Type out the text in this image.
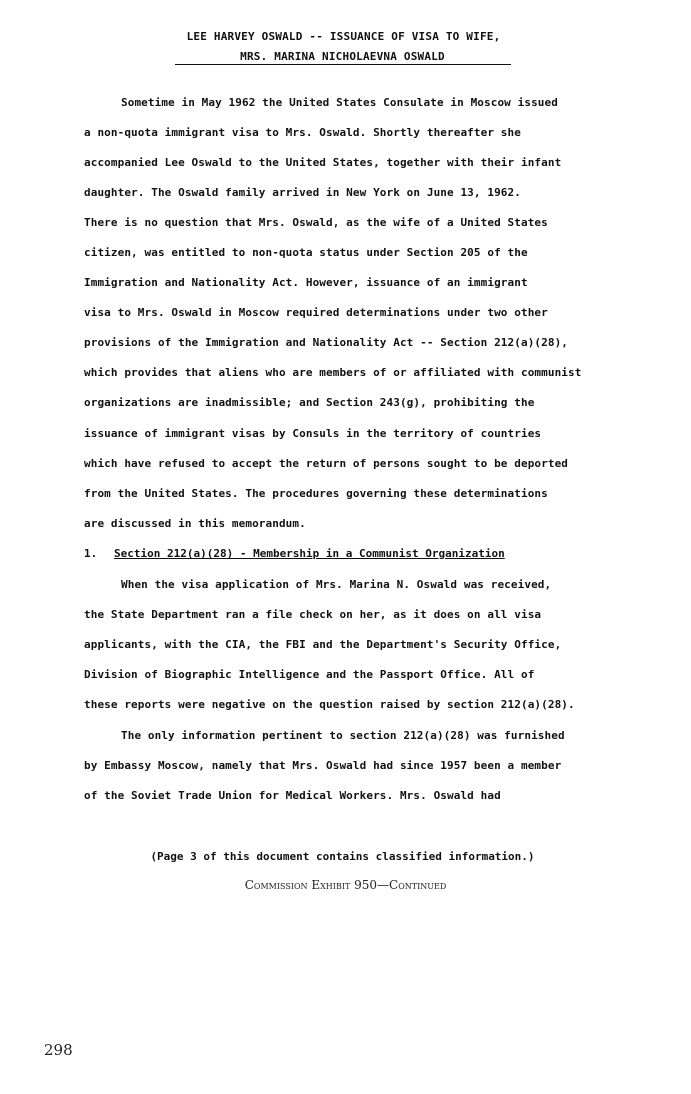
LEE HARVEY OSWALD -- ISSUANCE OF VISA TO WIFE,
MRS. MARINA NICHOLAEVNA OSWALD
Sometime in May 1962 the United States Consulate in Moscow issued
a non-quota immigrant visa to Mrs. Oswald. Shortly thereafter she
accompanied Lee Oswald to the United States, together with their infant
daughter. The Oswald family arrived in New York on June 13, 1962.
There is no question that Mrs. Oswald, as the wife of a United States
citizen, was entitled to non-quota status under Section 205 of the
Immigration and Nationality Act. However, issuance of an immigrant
visa to Mrs. Oswald in Moscow required determinations under two other
provisions of the Immigration and Nationality Act -- Section 212(a)(28),
which provides that aliens who are members of or affiliated with communist
organizations are inadmissible; and Section 243(g), prohibiting the
issuance of immigrant visas by Consuls in the territory of countries
which have refused to accept the return of persons sought to be deported
from the United States. The procedures governing these determinations
are discussed in this memorandum.
1. Section 212(a)(28) - Membership in a Communist Organization
When the visa application of Mrs. Marina N. Oswald was received,
the State Department ran a file check on her, as it does on all visa
applicants, with the CIA, the FBI and the Department's Security Office,
Division of Biographic Intelligence and the Passport Office. All of
these reports were negative on the question raised by section 212(a)(28).
The only information pertinent to section 212(a)(28) was furnished
by Embassy Moscow, namely that Mrs. Oswald had since 1957 been a member
of the Soviet Trade Union for Medical Workers. Mrs. Oswald had
(Page 3 of this document contains classified information.)
Commission Exhibit 950—Continued
298
